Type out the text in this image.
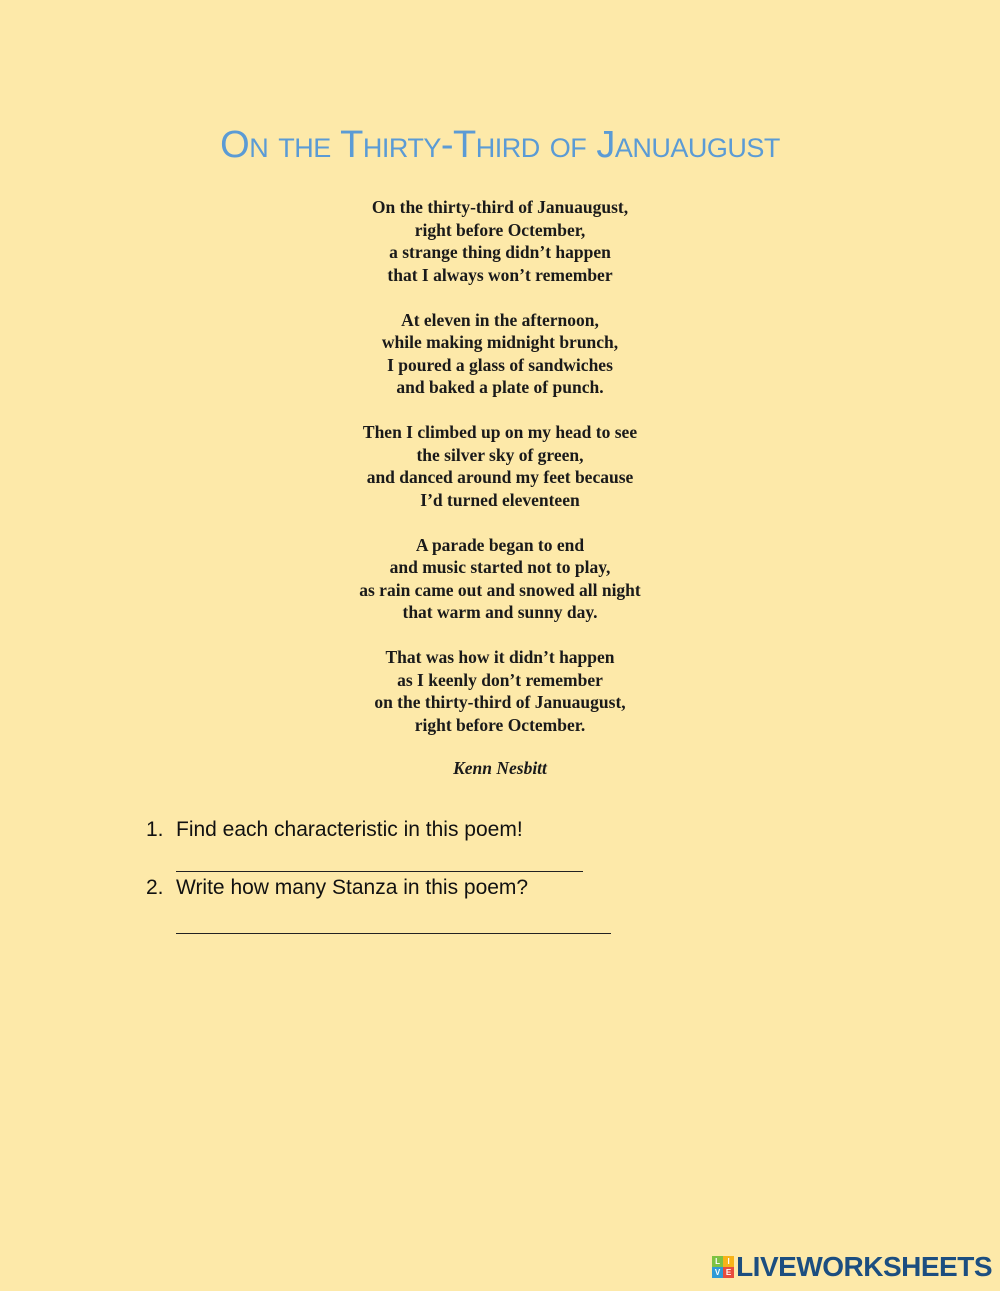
On the Thirty-Third of Januaugust
On the thirty-third of Januaugust,
right before Octember,
a strange thing didn’t happen
that I always won’t remember
At eleven in the afternoon,
while making midnight brunch,
I poured a glass of sandwiches
and baked a plate of punch.
Then I climbed up on my head to see
the silver sky of green,
and danced around my feet because
I’d turned eleventeen
A parade began to end
and music started not to play,
as rain came out and snowed all night
that warm and sunny day.
That was how it didn’t happen
as I keenly don’t remember
on the thirty-third of Januaugust,
right before Octember.
Kenn Nesbitt
1. Find each characteristic in this poem!
2. Write how many Stanza in this poem?
L I
V E LIVEWORKSHEETS
